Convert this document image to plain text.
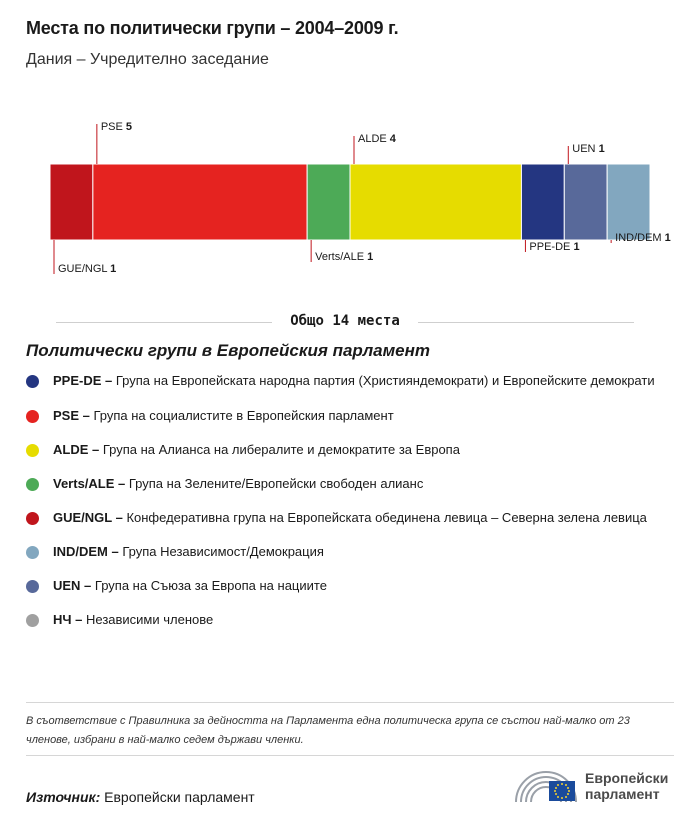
Места по политически групи – 2004–2009 г.
Дания – Учредително заседание
GUE/NGL 1
PSE 5
Verts/ALE 1
ALDE 4
PPE-DE 1
UEN 1
IND/DEM 1
Общо 14 места
Политически групи в Европейския парламент
PPE-DE – Група на Европейската народна партия (Християндемократи) и Европейските демократи
PSE – Група на социалистите в Европейския парламент
ALDE – Група на Алианса на либералите и демократите за Европа
Verts/ALE – Група на Зелените/Европейски свободен алианс
GUE/NGL – Конфедеративна група на Европейската обединена левица – Северна зелена левица
IND/DEM – Група Независимост/Демокрация
UEN – Група на Съюза за Европа на нациите
НЧ – Независими членове
В съответствие с Правилника за дейността на Парламента една политическа група се състои най-малко от 23 членове, избрани в най-малко седем държави членки.
Източник: Европейски парламент
Европейски
парламент
